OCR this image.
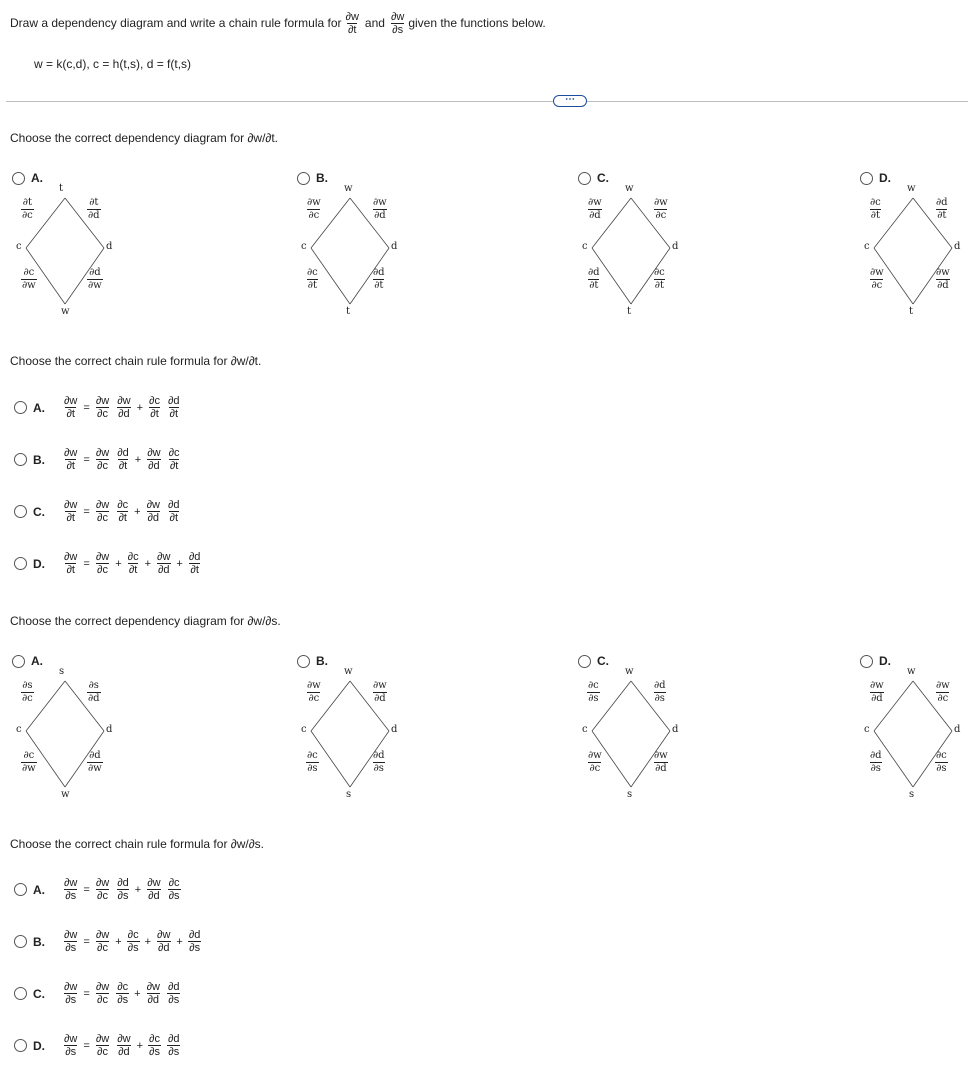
Draw a dependency diagram and write a chain rule formula for $\frac{\partial w}{\partial t}$ and $\frac{\partial w}{\partial s}$ given the functions below.
w = k(c,d), c = h(t,s), d = f(t,s)
⋯
Choose the correct dependency diagram for ∂w/∂t.
A.
t
c	d
w
$\frac{\partial t}{\partial c}$	$\frac{\partial t}{\partial d}$
$\frac{\partial c}{\partial w}$	$\frac{\partial d}{\partial w}$
B.
w
c	d
t
$\frac{\partial w}{\partial c}$	$\frac{\partial w}{\partial d}$
$\frac{\partial c}{\partial t}$	$\frac{\partial d}{\partial t}$
C.
w
c	d
t
$\frac{\partial w}{\partial d}$	$\frac{\partial w}{\partial c}$
$\frac{\partial d}{\partial t}$	$\frac{\partial c}{\partial t}$
D.
w
c	d
t
$\frac{\partial c}{\partial t}$	$\frac{\partial d}{\partial t}$
$\frac{\partial w}{\partial c}$	$\frac{\partial w}{\partial d}$
Choose the correct chain rule formula for ∂w/∂t.
A. $\frac{\partial w}{\partial t} = \frac{\partial w}{\partial c} \frac{\partial w}{\partial d} + \frac{\partial c}{\partial t} \frac{\partial d}{\partial t}$
B. $\frac{\partial w}{\partial t} = \frac{\partial w}{\partial c} \frac{\partial d}{\partial t} + \frac{\partial w}{\partial d} \frac{\partial c}{\partial t}$
C. $\frac{\partial w}{\partial t} = \frac{\partial w}{\partial c} \frac{\partial c}{\partial t} + \frac{\partial w}{\partial d} \frac{\partial d}{\partial t}$
D. $\frac{\partial w}{\partial t} = \frac{\partial w}{\partial c} + \frac{\partial c}{\partial t} + \frac{\partial w}{\partial d} + \frac{\partial d}{\partial t}$
Choose the correct dependency diagram for ∂w/∂s.
A.
s
c	d
w
$\frac{\partial s}{\partial c}$	$\frac{\partial s}{\partial d}$
$\frac{\partial c}{\partial w}$	$\frac{\partial d}{\partial w}$
B.
w
c	d
s
$\frac{\partial w}{\partial c}$	$\frac{\partial w}{\partial d}$
$\frac{\partial c}{\partial s}$	$\frac{\partial d}{\partial s}$
C.
w
c	d
s
$\frac{\partial c}{\partial s}$	$\frac{\partial d}{\partial s}$
$\frac{\partial w}{\partial c}$	$\frac{\partial w}{\partial d}$
D.
w
c	d
s
$\frac{\partial w}{\partial d}$	$\frac{\partial w}{\partial c}$
$\frac{\partial d}{\partial s}$	$\frac{\partial c}{\partial s}$
Choose the correct chain rule formula for ∂w/∂s.
A. $\frac{\partial w}{\partial s} = \frac{\partial w}{\partial c} \frac{\partial d}{\partial s} + \frac{\partial w}{\partial d} \frac{\partial c}{\partial s}$
B. $\frac{\partial w}{\partial s} = \frac{\partial w}{\partial c} + \frac{\partial c}{\partial s} + \frac{\partial w}{\partial d} + \frac{\partial d}{\partial s}$
C. $\frac{\partial w}{\partial s} = \frac{\partial w}{\partial c} \frac{\partial c}{\partial s} + \frac{\partial w}{\partial d} \frac{\partial d}{\partial s}$
D. $\frac{\partial w}{\partial s} = \frac{\partial w}{\partial c} \frac{\partial w}{\partial d} + \frac{\partial c}{\partial s} \frac{\partial d}{\partial s}$
